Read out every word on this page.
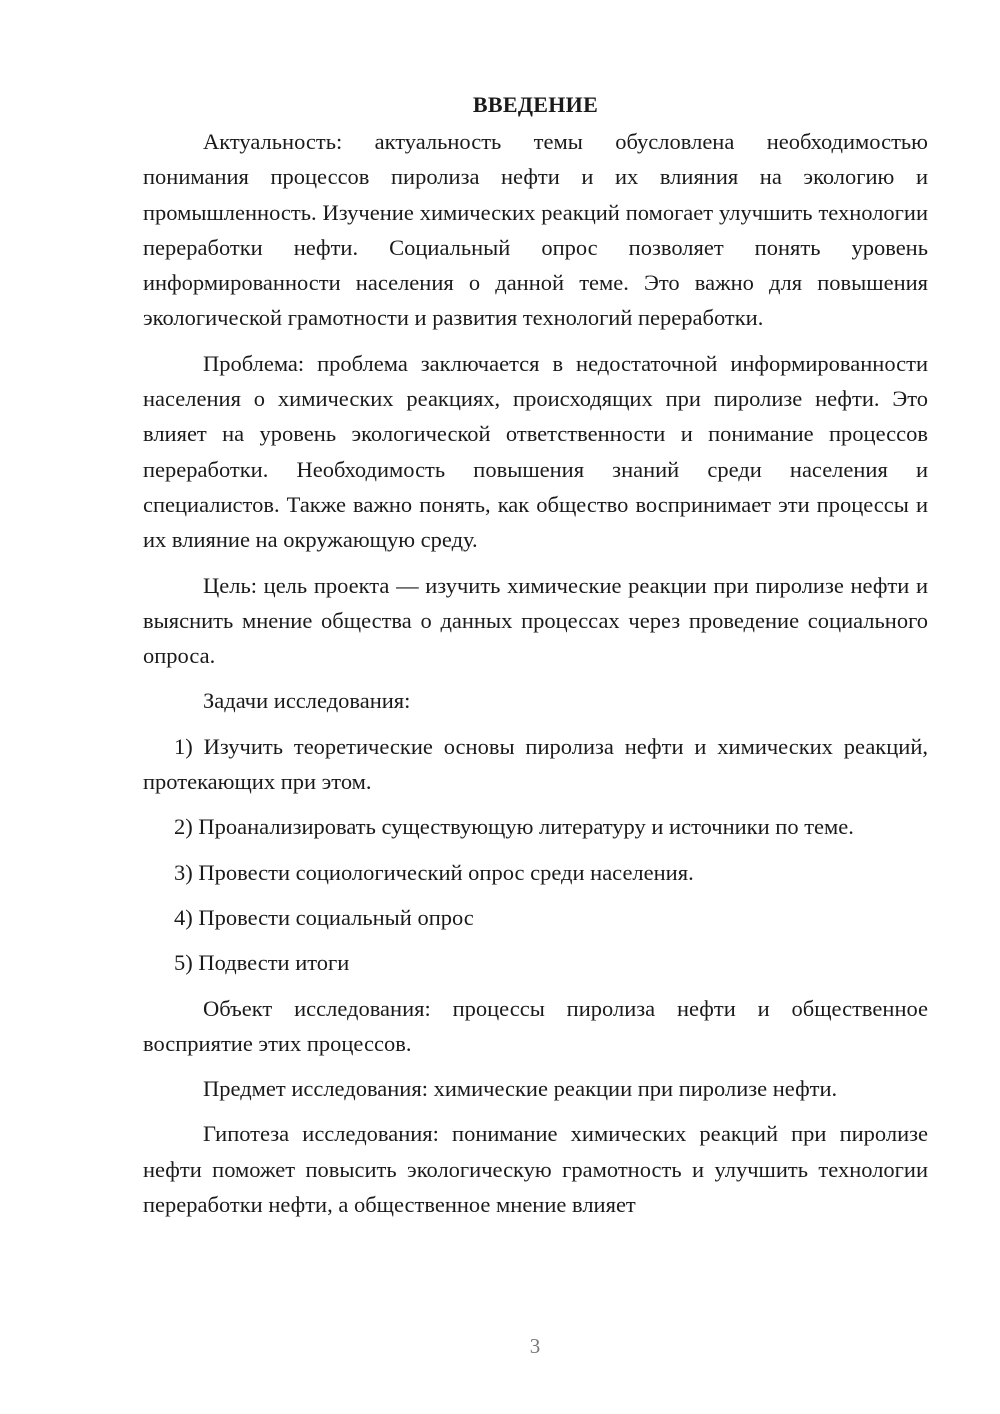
ВВЕДЕНИЕ

Актуальность: актуальность темы обусловлена необходимостью понимания процессов пиролиза нефти и их влияния на экологию и промышленность. Изучение химических реакций помогает улучшить технологии переработки нефти. Социальный опрос позволяет понять уровень информированности населения о данной теме. Это важно для повышения экологической грамотности и развития технологий переработки.

Проблема: проблема заключается в недостаточной информированности населения о химических реакциях, происходящих при пиролизе нефти. Это влияет на уровень экологической ответственности и понимание процессов переработки. Необходимость повышения знаний среди населения и специалистов. Также важно понять, как общество воспринимает эти процессы и их влияние на окружающую среду.

Цель: цель проекта — изучить химические реакции при пиролизе нефти и выяснить мнение общества о данных процессах через проведение социального опроса.

Задачи исследования:

1) Изучить теоретические основы пиролиза нефти и химических реакций, протекающих при этом.

2) Проанализировать существующую литературу и источники по теме.

3) Провести социологический опрос среди населения.

4) Провести социальный опрос

5) Подвести итоги

Объект исследования: процессы пиролиза нефти и общественное восприятие этих процессов.

Предмет исследования: химические реакции при пиролизе нефти.

Гипотеза исследования: понимание химических реакций при пиролизе нефти поможет повысить экологическую грамотность и улучшить технологии переработки нефти, а общественное мнение влияет

3
